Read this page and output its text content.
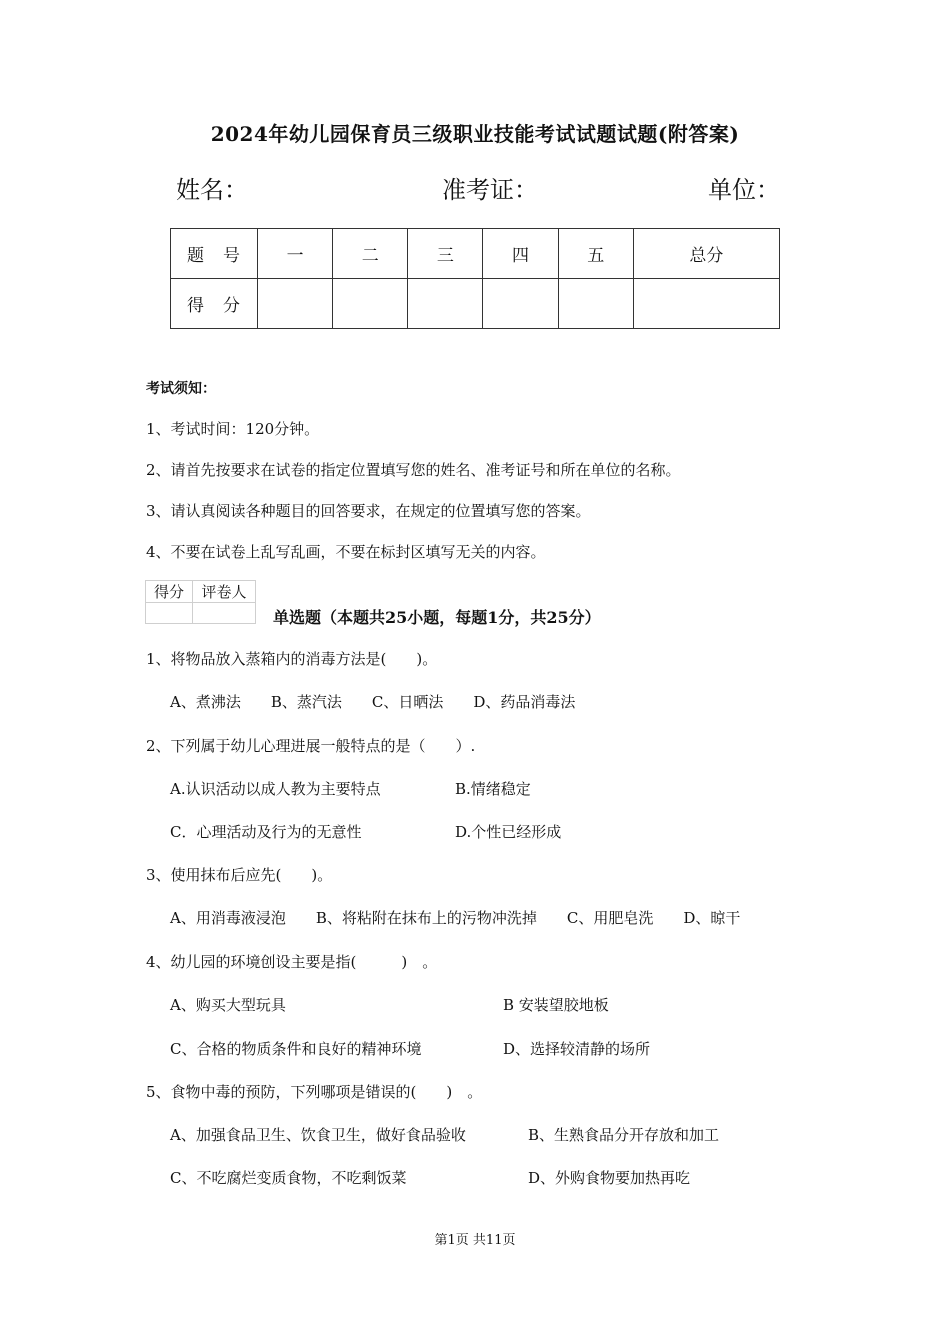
2024年幼儿园保育员三级职业技能考试试题试题(附答案)
姓名：	准考证：	单位：
题　号	一	二	三	四	五	总分
得　分						
考试须知：
1、考试时间：120分钟。
2、请首先按要求在试卷的指定位置填写您的姓名、准考证号和所在单位的名称。
3、请认真阅读各种题目的回答要求，在规定的位置填写您的答案。
4、不要在试卷上乱写乱画，不要在标封区填写无关的内容。
得分	评卷人

单选题（本题共25小题，每题1分，共25分）
1、将物品放入蒸箱内的消毒方法是(　　)。
A、煮沸法　　B、蒸汽法　　C、日晒法　　D、药品消毒法
2、下列属于幼儿心理进展一般特点的是（　　）.
A.认识活动以成人教为主要特点	B.情绪稳定
C．心理活动及行为的无意性	D.个性已经形成
3、使用抹布后应先(　　)。
A、用消毒液浸泡　　B、将粘附在抹布上的污物冲洗掉　　C、用肥皂洗　　D、晾干
4、幼儿园的环境创设主要是指(　　　)　。
A、购买大型玩具	B 安装望胶地板
C、合格的物质条件和良好的精神环境	D、选择较清静的场所
5、食物中毒的预防，下列哪项是错误的(　　)　。
A、加强食品卫生、饮食卫生，做好食品验收	B、生熟食品分开存放和加工
C、不吃腐烂变质食物，不吃剩饭菜	D、外购食物要加热再吃
第1页 共11页
